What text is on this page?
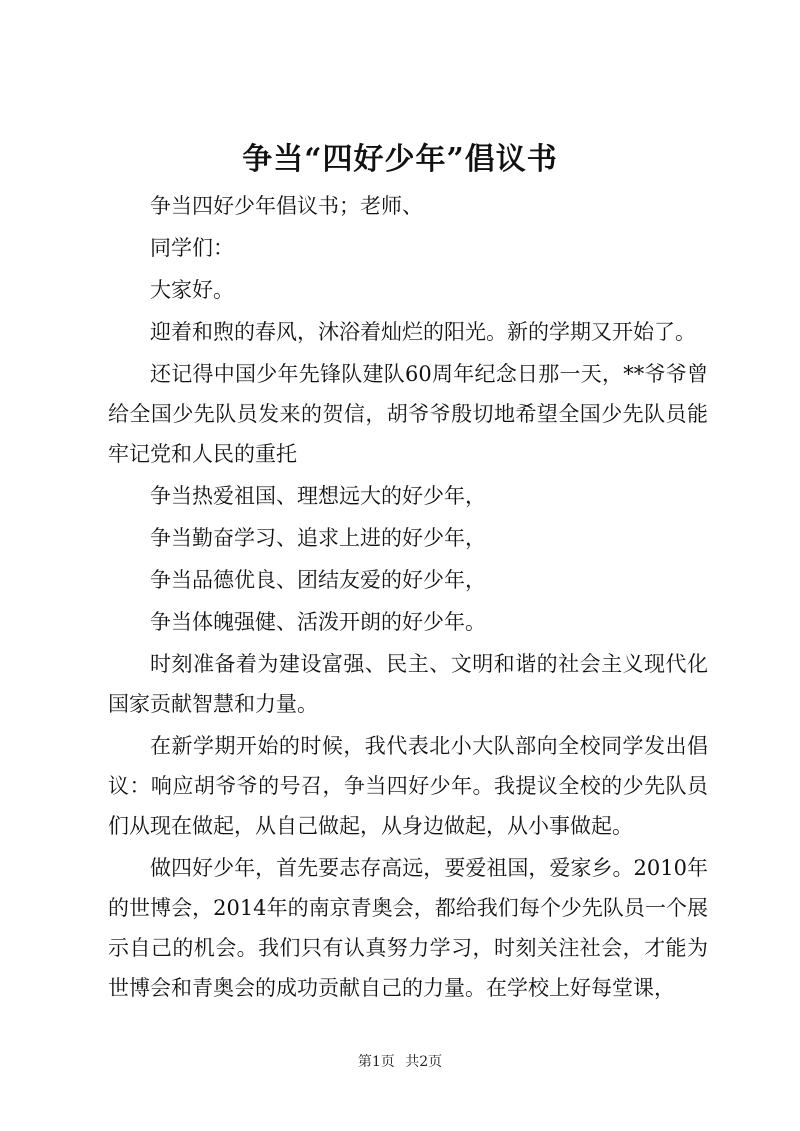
争当“四好少年”倡议书

争当四好少年倡议书；老师、

同学们：

大家好。

迎着和煦的春风，沐浴着灿烂的阳光。新的学期又开始了。

还记得中国少年先锋队建队60周年纪念日那一天，**爷爷曾给全国少先队员发来的贺信，胡爷爷殷切地希望全国少先队员能牢记党和人民的重托

争当热爱祖国、理想远大的好少年，

争当勤奋学习、追求上进的好少年，

争当品德优良、团结友爱的好少年，

争当体魄强健、活泼开朗的好少年。

时刻准备着为建设富强、民主、文明和谐的社会主义现代化国家贡献智慧和力量。

在新学期开始的时候，我代表北小大队部向全校同学发出倡议：响应胡爷爷的号召，争当四好少年。我提议全校的少先队员们从现在做起，从自己做起，从身边做起，从小事做起。

做四好少年，首先要志存高远，要爱祖国，爱家乡。2010年的世博会，2014年的南京青奥会，都给我们每个少先队员一个展示自己的机会。我们只有认真努力学习，时刻关注社会，才能为世博会和青奥会的成功贡献自己的力量。在学校上好每堂课，

第1页 共2页
